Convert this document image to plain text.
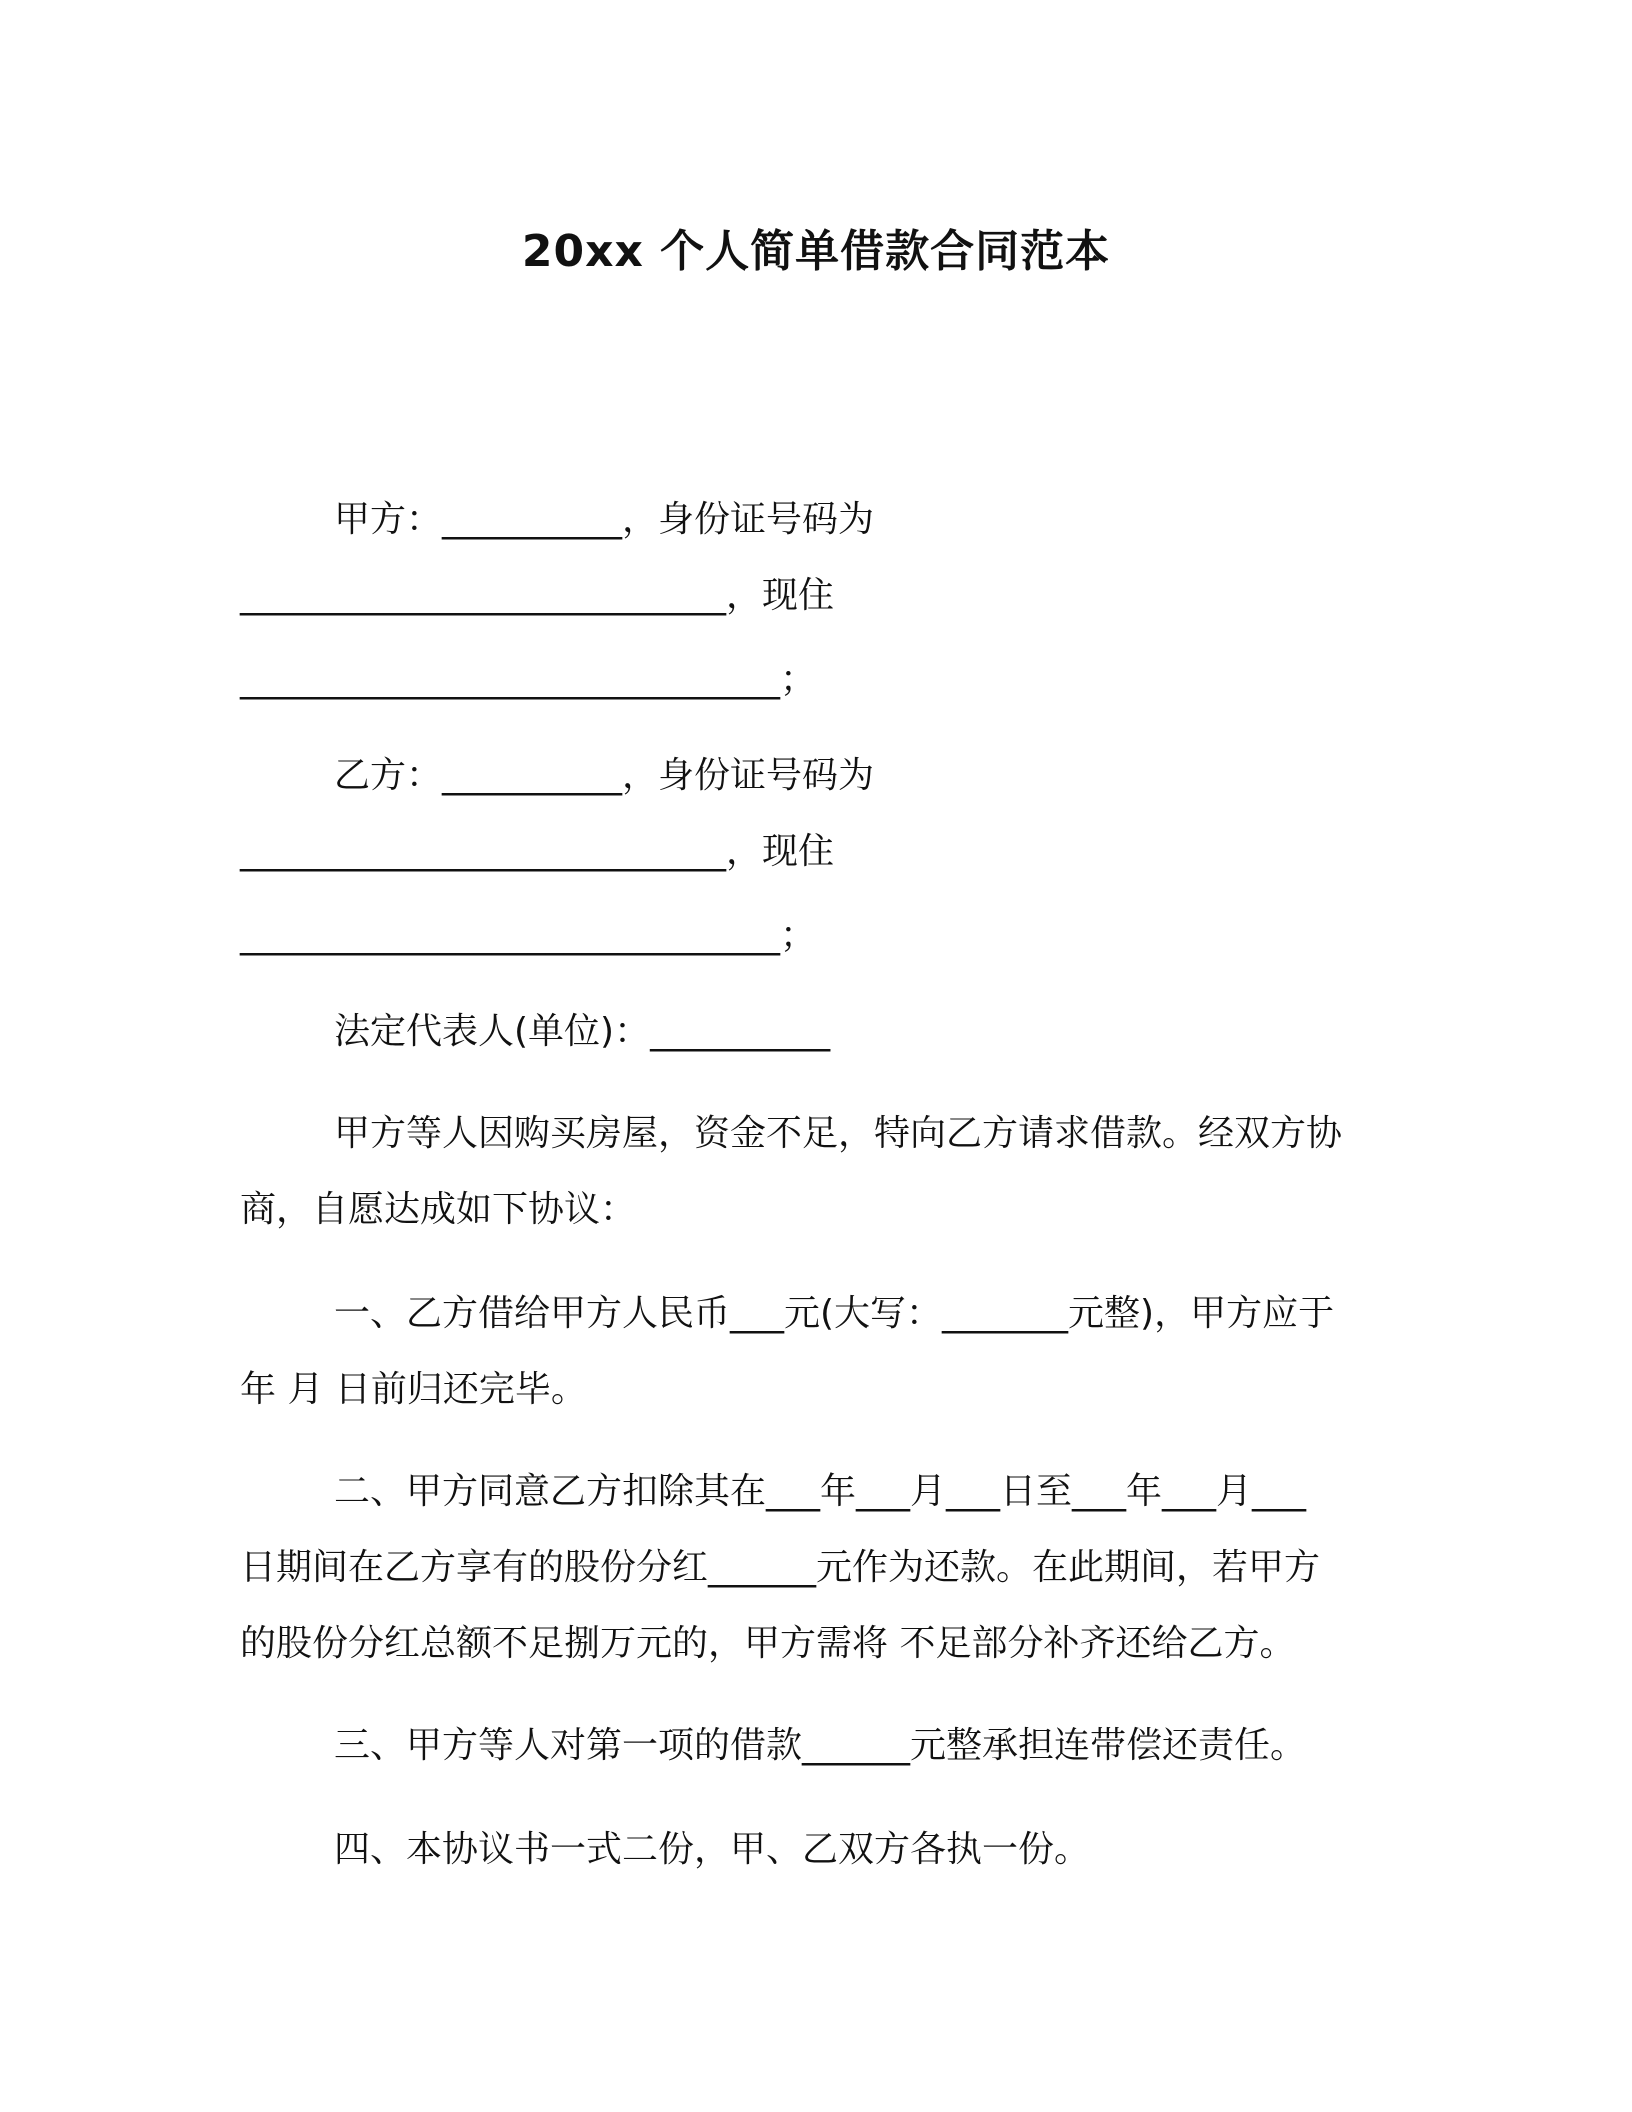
20xx 个人简单借款合同范本

甲方：__________，身份证号码为

___________________________，现住

______________________________；

乙方：__________，身份证号码为

___________________________，现住

______________________________；

法定代表人(单位)：__________

甲方等人因购买房屋，资金不足，特向乙方请求借款。经双方协

商，自愿达成如下协议：

一、乙方借给甲方人民币___元(大写：_______元整)，甲方应于

年 月 日前归还完毕。

二、甲方同意乙方扣除其在___年___月___日至___年___月___

日期间在乙方享有的股份分红______元作为还款。在此期间，若甲方

的股份分红总额不足捌万元的，甲方需将 不足部分补齐还给乙方。

三、甲方等人对第一项的借款______元整承担连带偿还责任。

四、本协议书一式二份，甲、乙双方各执一份。
